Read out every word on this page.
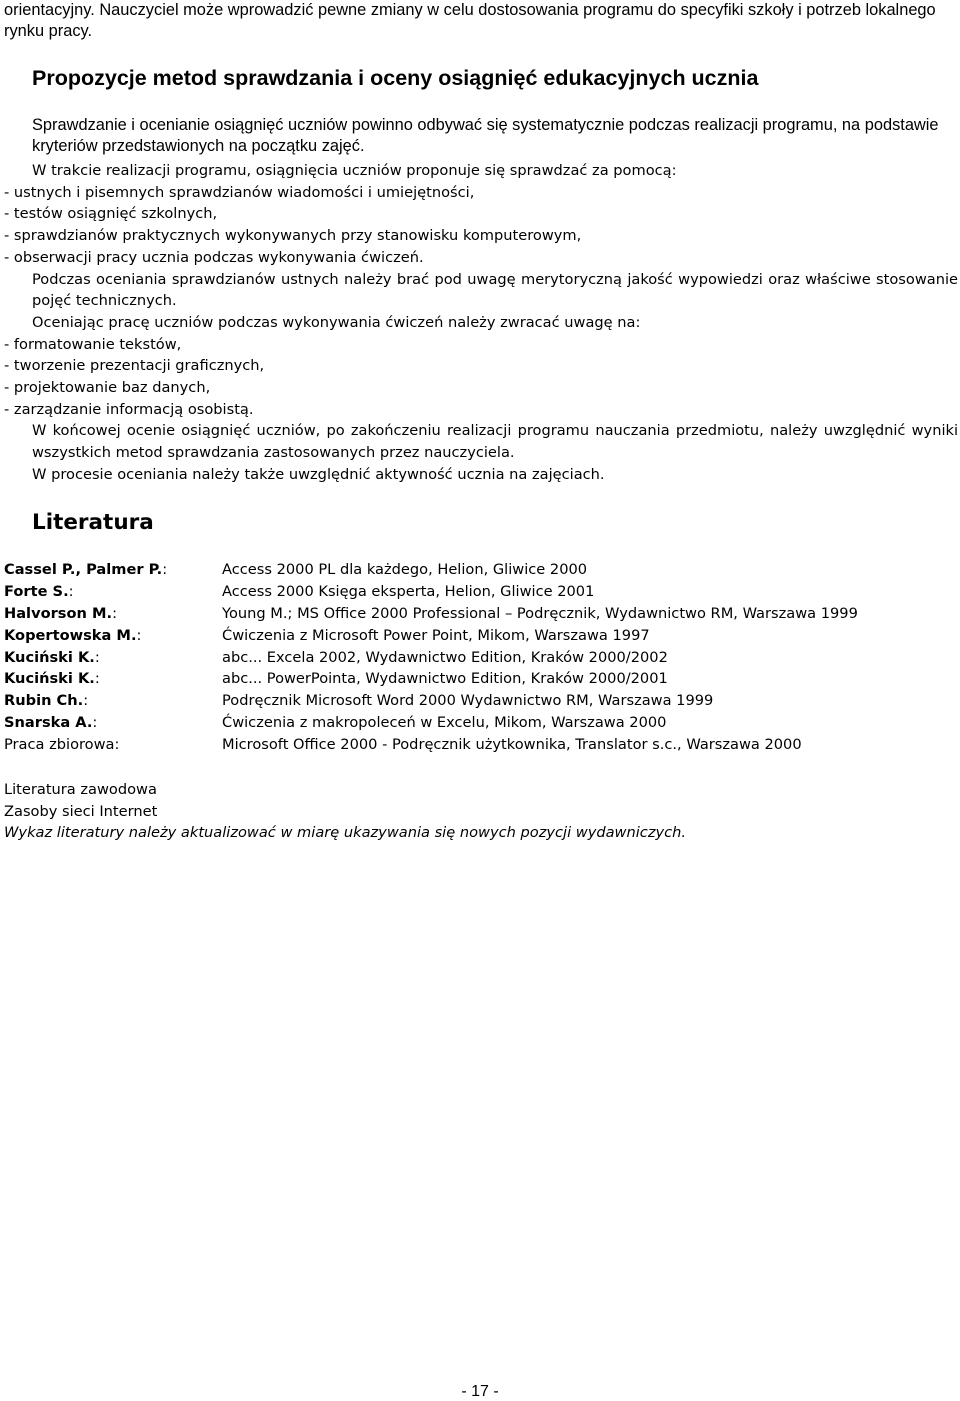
orientacyjny. Nauczyciel może wprowadzić pewne zmiany w celu dostosowania programu do specyfiki szkoły i potrzeb lokalnego rynku pracy.

Propozycje metod sprawdzania i oceny osiągnięć edukacyjnych ucznia

Sprawdzanie i ocenianie osiągnięć uczniów powinno odbywać się systematycznie podczas realizacji programu, na podstawie kryteriów przedstawionych na początku zajęć.

W trakcie realizacji programu, osiągnięcia uczniów proponuje się sprawdzać za pomocą:

- ustnych i pisemnych sprawdzianów wiadomości i umiejętności,

- testów osiągnięć szkolnych,

- sprawdzianów praktycznych wykonywanych przy stanowisku komputerowym,

- obserwacji pracy ucznia podczas wykonywania ćwiczeń.

Podczas oceniania sprawdzianów ustnych należy brać pod uwagę merytoryczną jakość wypowiedzi oraz właściwe stosowanie pojęć technicznych.

Oceniając pracę uczniów podczas wykonywania ćwiczeń należy zwracać uwagę na:

- formatowanie tekstów,

- tworzenie prezentacji graficznych,

- projektowanie baz danych,

- zarządzanie informacją osobistą.

W końcowej ocenie osiągnięć uczniów, po zakończeniu realizacji programu nauczania przedmiotu, należy uwzględnić wyniki wszystkich metod sprawdzania zastosowanych przez nauczyciela.

W procesie oceniania należy także uwzględnić aktywność ucznia na zajęciach.

Literatura
Cassel P., Palmer P.:	Access 2000 PL dla każdego, Helion, Gliwice 2000
Forte S.:	Access 2000 Księga eksperta, Helion, Gliwice 2001
Halvorson M.:	Young M.; MS Office 2000 Professional – Podręcznik, Wydawnictwo RM, Warszawa 1999
Kopertowska M.:	Ćwiczenia z Microsoft Power Point, Mikom, Warszawa 1997
Kuciński K.:	abc... Excela 2002, Wydawnictwo Edition, Kraków 2000/2002
Kuciński K.:	abc... PowerPointa, Wydawnictwo Edition, Kraków 2000/2001
Rubin Ch.:	Podręcznik Microsoft Word 2000 Wydawnictwo RM, Warszawa 1999
Snarska A.:	Ćwiczenia z makropoleceń w Excelu, Mikom, Warszawa 2000
Praca zbiorowa:	Microsoft Office 2000 - Podręcznik użytkownika, Translator s.c., Warszawa 2000

Literatura zawodowa

Zasoby sieci Internet

Wykaz literatury należy aktualizować w miarę ukazywania się nowych pozycji wydawniczych.

- 17 -
